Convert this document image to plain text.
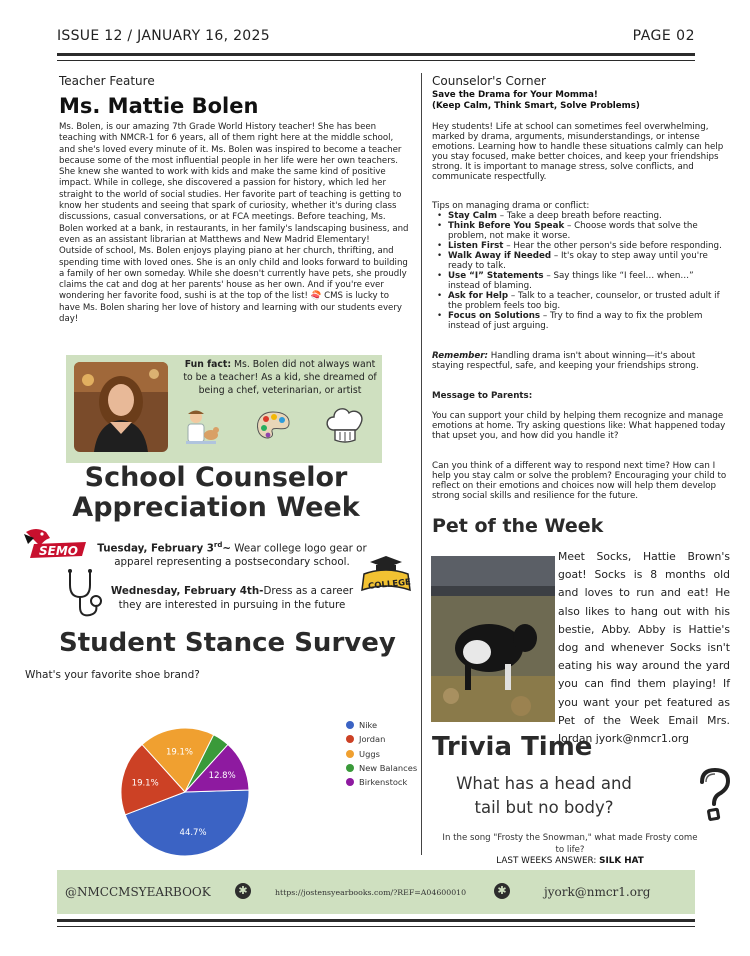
ISSUE 12 / JANUARY 16, 2025	PAGE 02
Teacher Feature
Ms. Mattie Bolen

Ms. Bolen, is our amazing 7th Grade World History teacher! She has been teaching with NMCR-1 for 6 years, all of them right here at the middle school, and she's loved every minute of it. Ms. Bolen was inspired to become a teacher because some of the most influential people in her life were her own teachers. She knew she wanted to work with kids and make the same kind of positive impact. While in college, she discovered a passion for history, which led her straight to the world of social studies. Her favorite part of teaching is getting to know her students and seeing that spark of curiosity, whether it's during class discussions, casual conversations, or at FCA meetings. Before teaching, Ms. Bolen worked at a bank, in restaurants, in her family's landscaping business, and even as an assistant librarian at Matthews and New Madrid Elementary!

Outside of school, Ms. Bolen enjoys playing piano at her church, thrifting, and spending time with loved ones. She is an only child and looks forward to building a family of her own someday. While she doesn't currently have pets, she proudly claims the cat and dog at her parents' house as her own. And if you're ever wondering her favorite food, sushi is at the top of the list! 🍣 CMS is lucky to have Ms. Bolen sharing her love of history and learning with our students every day!

Fun fact: Ms. Bolen did not always want to be a teacher! As a kid, she dreamed of being a chef, veterinarian, or artist
School Counselor
Appreciation Week
SEMO	Tuesday, February 3rd~ Wear college logo gear or apparel representing a postsecondary school.
Wednesday, February 4th-Dress as a career they are interested in pursuing in the future
COLLEGE
Student Stance Survey
What's your favorite shoe brand?
44.7%
19.1%
19.1%
12.8%
Nike
Jordan
Uggs
New Balances
Birkenstock
Counselor's Corner
Save the Drama for Your Momma!
(Keep Calm, Think Smart, Solve Problems)
Hey students! Life at school can sometimes feel overwhelming, marked by drama, arguments, misunderstandings, or intense emotions. Learning how to handle these situations calmly can help you stay focused, make better choices, and keep your friendships strong. It is important to manage stress, solve conflicts, and communicate respectfully.
Tips on managing drama or conflict:
• Stay Calm – Take a deep breath before reacting.
• Think Before You Speak – Choose words that solve the problem, not make it worse.
• Listen First – Hear the other person's side before responding.
• Walk Away if Needed – It's okay to step away until you're ready to talk.
• Use “I” Statements – Say things like “I feel… when…” instead of blaming.
• Ask for Help – Talk to a teacher, counselor, or trusted adult if the problem feels too big.
• Focus on Solutions – Try to find a way to fix the problem instead of just arguing.
Remember: Handling drama isn't about winning—it's about staying respectful, safe, and keeping your friendships strong.
Message to Parents:
You can support your child by helping them recognize and manage emotions at home. Try asking questions like: What happened today that upset you, and how did you handle it?
Can you think of a different way to respond next time? How can I help you stay calm or solve the problem? Encouraging your child to reflect on their emotions and choices now will help them develop strong social skills and resilience for the future.
Pet of the Week
Meet Socks, Hattie Brown's goat! Socks is 8 months old and loves to run and eat! He also likes to hang out with his bestie, Abby. Abby is Hattie's dog and whenever Socks isn't eating his way around the yard you can find them playing! If you want your pet featured as Pet of the Week Email Mrs. Jordan jyork@nmcr1.org
Trivia Time
What has a head and tail but no body?
In the song "Frosty the Snowman," what made Frosty come to life?
LAST WEEKS ANSWER: SILK HAT
@NMCCMSYEARBOOK	✱	https://jostensyearbooks.com/?REF=A04600010	✱	jyork@nmcr1.org
